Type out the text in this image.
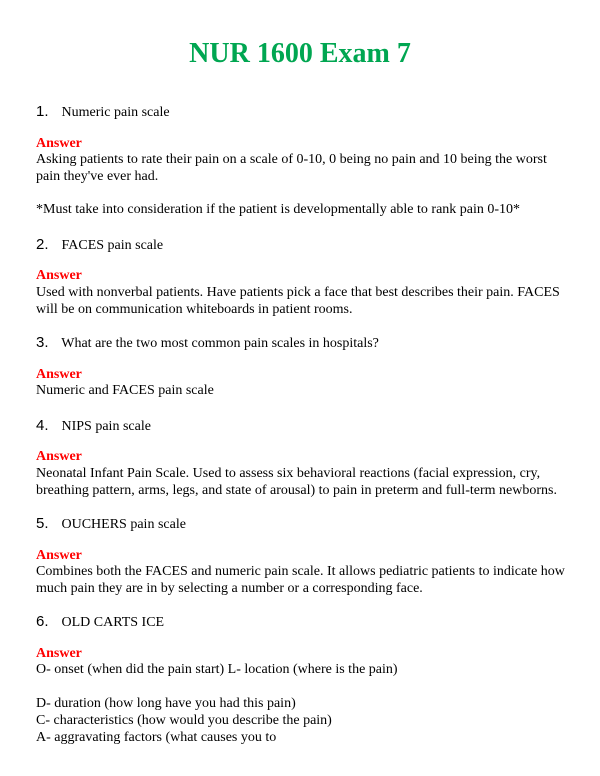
NUR 1600 Exam 7
1. Numeric pain scale
Answer
Asking patients to rate their pain on a scale of 0-10, 0 being no pain and 10 being the worst pain they've ever had.
*Must take into consideration if the patient is developmentally able to rank pain 0-10*
2. FACES pain scale
Answer
Used with nonverbal patients. Have patients pick a face that best describes their pain. FACES will be on communication whiteboards in patient rooms.
3. What are the two most common pain scales in hospitals?
Answer
Numeric and FACES pain scale
4. NIPS pain scale
Answer
Neonatal Infant Pain Scale. Used to assess six behavioral reactions (facial expression, cry, breathing pattern, arms, legs, and state of arousal) to pain in preterm and full-term newborns.
5. OUCHERS pain scale
Answer
Combines both the FACES and numeric pain scale. It allows pediatric patients to indicate how much pain they are in by selecting a number or a corresponding face.
6. OLD CARTS ICE
Answer
O- onset (when did the pain start) L- location (where is the pain)
D- duration (how long have you had this pain)
C- characteristics (how would you describe the pain)
A- aggravating factors (what causes you to
